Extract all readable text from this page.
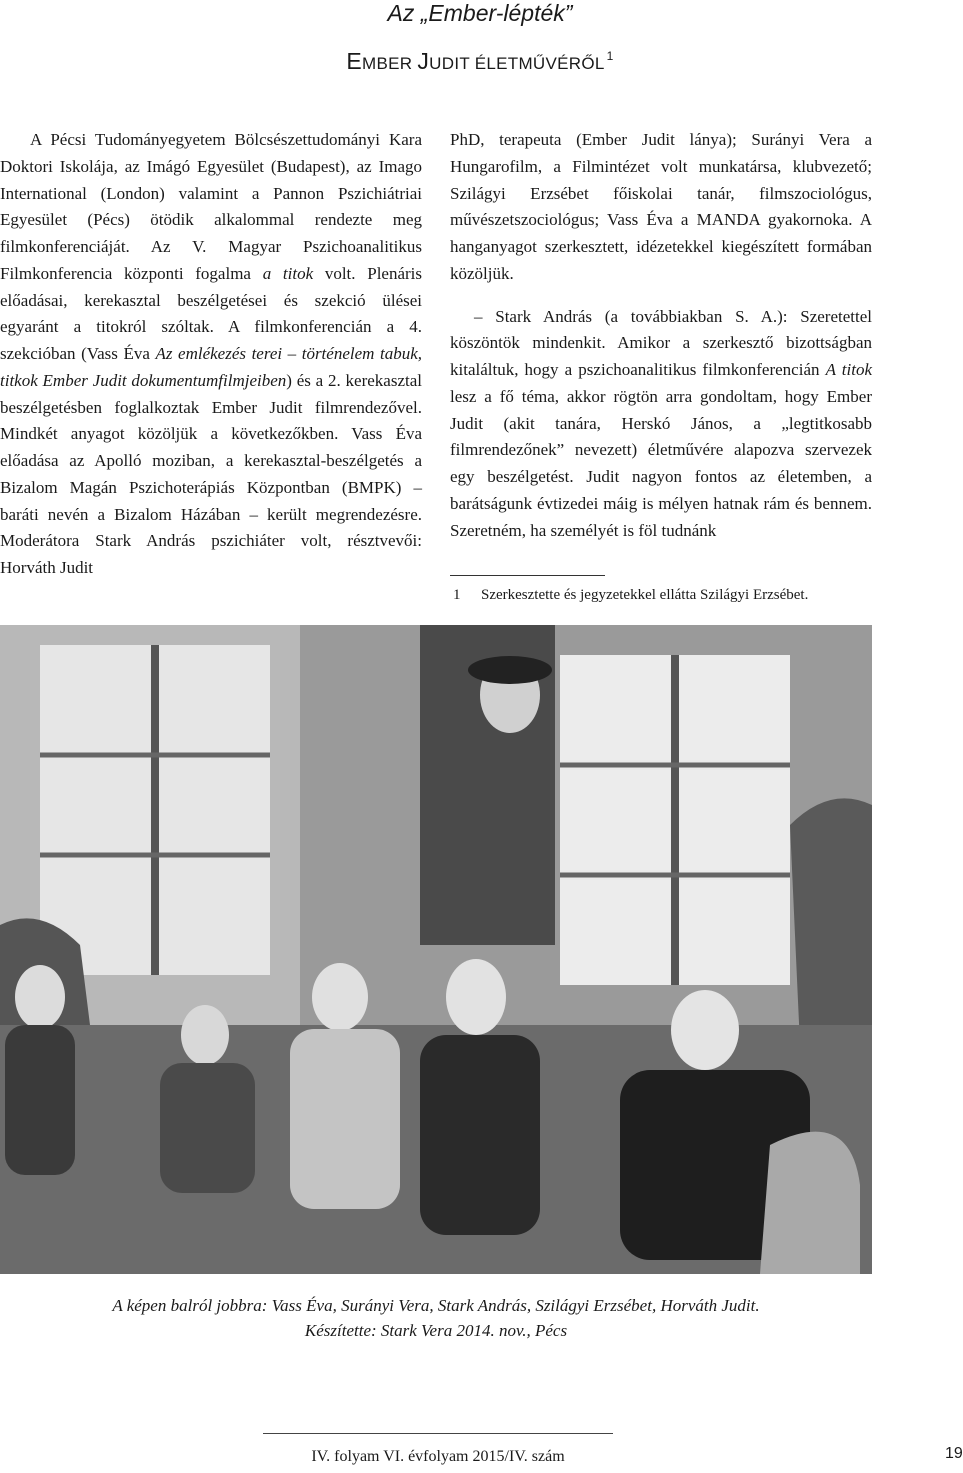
Az „Ember-lépték”
EMBER JUDIT ÉLETMŰVÉRŐL $^1$
A Pécsi Tudományegyetem Bölcsészettudományi Kara Doktori Iskolája, az Imágó Egyesület (Budapest), az Imago International (London) valamint a Pannon Pszichiátriai Egyesület (Pécs) ötödik alkalommal rendezte meg filmkonferenciáját. Az V. Magyar Pszichoanalitikus Filmkonferencia központi fogalma a titok volt. Plenáris előadásai, kerekasztal beszélgetései és szekció ülései egyaránt a titokról szóltak. A filmkonferencián a 4. szekcióban (Vass Éva Az emlékezés terei – történelem tabuk, titkok Ember Judit dokumentumfilmjeiben) és a 2. kerekasztal beszélgetésben foglalkoztak Ember Judit filmrendezővel. Mindkét anyagot közöljük a következőkben. Vass Éva előadása az Apolló moziban, a kerekasztal-beszélgetés a Bizalom Magán Pszichoterápiás Központban (BMPK) – baráti nevén a Bizalom Házában – került megrendezésre. Moderátora Stark András pszichiáter volt, résztvevői: Horváth Judit

PhD, terapeuta (Ember Judit lánya); Surányi Vera a Hungarofilm, a Filmintézet volt munkatársa, klubvezető; Szilágyi Erzsébet főiskolai tanár, filmszociológus, művészetszociológus; Vass Éva a MANDA gyakornoka. A hanganyagot szerkesztett, idézetekkel kiegészített formában közöljük.

– Stark András (a továbbiakban S. A.): Szeretettel köszöntök mindenkit. Amikor a szerkesztő bizottságban kitaláltuk, hogy a pszichoanalitikus filmkonferencián A titok lesz a fő téma, akkor rögtön arra gondoltam, hogy Ember Judit (akit tanára, Herskó János, a „legtitkosabb filmrendezőnek” nevezett) életművére alapozva szervezek egy beszélgetést. Judit nagyon fontos az életemben, a barátságunk évtizedei máig is mélyen hatnak rám és bennem. Szeretném, ha személyét is föl tudnánk

1 Szerkesztette és jegyzetekkel ellátta Szilágyi Erzsébet.
A képen balról jobbra: Vass Éva, Surányi Vera, Stark András, Szilágyi Erzsébet, Horváth Judit.
Készítette: Stark Vera 2014. nov., Pécs
IV. folyam VI. évfolyam 2015/IV. szám	19
